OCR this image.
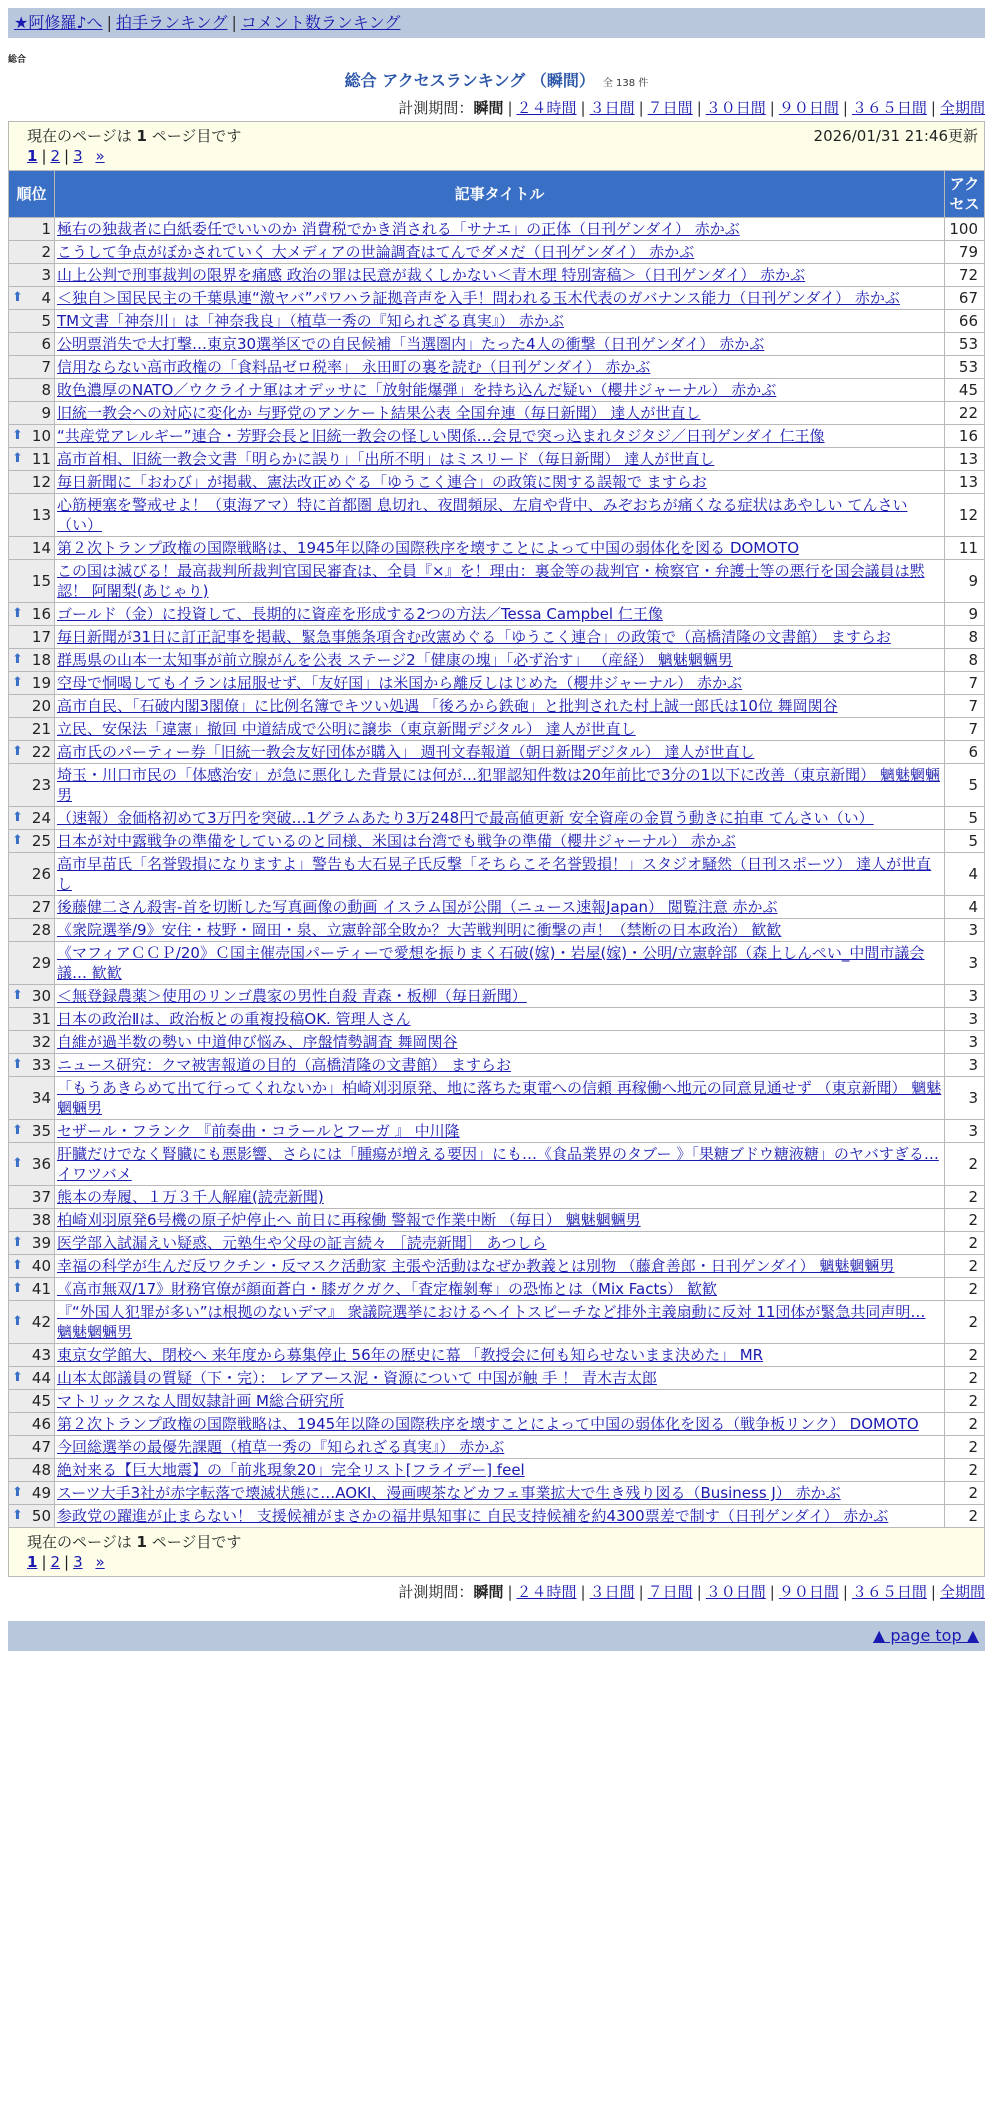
★阿修羅♪へ | 拍手ランキング | コメント数ランキング
総合
総合 アクセスランキング （瞬間） 全 138 件
計測期間：瞬間 | ２４時間 | ３日間 | ７日間 | ３０日間 | ９０日間 | ３６５日間 | 全期間
現在のページは 1 ページ目です 2026/01/31 21:46更新
1 | 2 | 3 »		

順位	記事タイトル	アクセス
1	極右の独裁者に白紙委任でいいのか 消費税でかき消される「サナエ」の正体（日刊ゲンダイ） 赤かぶ	100
2	こうして争点がぼかされていく 大メディアの世論調査はてんでダメだ（日刊ゲンダイ） 赤かぶ	79
3	山上公判で刑事裁判の限界を痛感 政治の罪は民意が裁くしかない＜青木理 特別寄稿＞（日刊ゲンダイ） 赤かぶ	72

⬆ 4	＜独自＞国民民主の千葉県連“激ヤバ”パワハラ証拠音声を入手！問われる玉木代表のガバナンス能力（日刊ゲンダイ） 赤かぶ	67
5	TM文書「神奈川」は「神奈我良」（植草一秀の『知られざる真実』） 赤かぶ	66
6	公明票消失で大打撃…東京30選挙区での自民候補「当選圏内」たった4人の衝撃（日刊ゲンダイ） 赤かぶ	53
7	信用ならない高市政権の「食料品ゼロ税率」 永田町の裏を読む（日刊ゲンダイ） 赤かぶ	53
8	敗色濃厚のNATO／ウクライナ軍はオデッサに「放射能爆弾」を持ち込んだ疑い（櫻井ジャーナル） 赤かぶ	45
9	旧統一教会への対応に変化か 与野党のアンケート結果公表 全国弁連（毎日新聞） 達人が世直し	22

⬆ 10	“共産党アレルギー”連合・芳野会長と旧統一教会の怪しい関係…会見で突っ込まれタジタジ／日刊ゲンダイ 仁王像	16

⬆ 11	高市首相、旧統一教会文書「明らかに誤り」「出所不明」はミスリード（毎日新聞） 達人が世直し	13
12	毎日新聞に「おわび」が掲載、憲法改正めぐる「ゆうこく連合」の政策に関する誤報で ますらお	13
13	心筋梗塞を警戒せよ！（東海アマ）特に首都圏 息切れ、夜間頻尿、左肩や背中、みぞおちが痛くなる症状はあやしい てんさい（い）	12
14	第２次トランプ政権の国際戦略は、1945年以降の国際秩序を壊すことによって中国の弱体化を図る DOMOTO	11
15	この国は滅びる！最高裁判所裁判官国民審査は、全員『×』を！理由：裏金等の裁判官・検察官・弁護士等の悪行を国会議員は黙認！ 阿闍梨(あじゃり)	9

⬆ 16	ゴールド（金）に投資して、長期的に資産を形成する2つの方法／Tessa Campbel 仁王像	9
17	毎日新聞が31日に訂正記事を掲載、緊急事態条項含む改憲めぐる「ゆうこく連合」の政策で（高橋清隆の文書館） ますらお	8

⬆ 18	群馬県の山本一太知事が前立腺がんを公表 ステージ2「健康の塊」「必ず治す」 （産経） 魑魅魍魎男	8

⬆ 19	空母で恫喝してもイランは屈服せず、「友好国」は米国から離反しはじめた（櫻井ジャーナル） 赤かぶ	7
20	高市自民、「石破内閣3閣僚」に比例名簿でキツい処遇 「後ろから鉄砲」と批判された村上誠一郎氏は10位 舞岡関谷	7
21	立民、安保法「違憲」撤回 中道結成で公明に譲歩（東京新聞デジタル） 達人が世直し	7

⬆ 22	高市氏のパーティー券「旧統一教会友好団体が購入」 週刊文春報道（朝日新聞デジタル） 達人が世直し	6
23	埼玉・川口市民の「体感治安」が急に悪化した背景には何が…犯罪認知件数は20年前比で3分の1以下に改善（東京新聞） 魑魅魍魎男	5

⬆ 24	（速報）金価格初めて3万円を突破…1グラムあたり3万248円で最高値更新 安全資産の金買う動きに拍車 てんさい（い）	5

⬆ 25	日本が対中露戦争の準備をしているのと同様、米国は台湾でも戦争の準備（櫻井ジャーナル） 赤かぶ	5
26	高市早苗氏「名誉毀損になりますよ」警告も大石晃子氏反撃「そちらこそ名誉毀損！」スタジオ騒然（日刊スポーツ） 達人が世直し	4
27	後藤健二さん殺害-首を切断した写真画像の動画 イスラム国が公開（ニュース速報Japan） 閲覧注意 赤かぶ	4
28	《衆院選挙/9》安住・枝野・岡田・泉、立憲幹部全敗か？大苦戦判明に衝撃の声！（禁断の日本政治） 歓歓	3
29	《マフィアＣＣＰ/20》Ｃ国主催売国パーティーで愛想を振りまく石破(嫁)・岩屋(嫁)・公明/立憲幹部（森上しんぺい_中間市議会議… 歓歓	3

⬆ 30	＜無登録農薬＞使用のリンゴ農家の男性自殺 青森・板柳（毎日新聞）	3
31	日本の政治Ⅱは、政治板との重複投稿OK. 管理人さん	3
32	自維が過半数の勢い 中道伸び悩み、序盤情勢調査 舞岡関谷	3

⬆ 33	ニュース研究：クマ被害報道の目的（高橋清隆の文書館） ますらお	3
34	「もうあきらめて出て行ってくれないか」柏崎刈羽原発、地に落ちた東電への信頼 再稼働へ地元の同意見通せず （東京新聞） 魑魅魍魎男	3

⬆ 35	セザール・フランク 『前奏曲・コラールとフーガ 』 中川隆	3

⬆ 36	肝臓だけでなく腎臓にも悪影響、さらには「腫瘍が増える要因」にも…《食品業界のタブー 》「果糖ブドウ糖液糖」のヤバすぎる… イワツバメ	2
37	熊本の寿履、１万３千人解雇(読売新聞)	2
38	柏崎刈羽原発6号機の原子炉停止へ 前日に再稼働 警報で作業中断 （毎日） 魑魅魍魎男	2

⬆ 39	医学部入試漏えい疑惑、元塾生や父母の証言続々 ［読売新聞］ あつしら	2

⬆ 40	幸福の科学が生んだ反ワクチン・反マスク活動家 主張や活動はなぜか教義とは別物 （藤倉善郎・日刊ゲンダイ） 魑魅魍魎男	2

⬆ 41	《高市無双/17》財務官僚が顔面蒼白・膝ガクガク、「査定権剝奪」の恐怖とは（Mix Facts） 歓歓	2

⬆ 42	『“外国人犯罪が多い”は根拠のないデマ』 衆議院選挙におけるヘイトスピーチなど排外主義扇動に反対 11団体が緊急共同声明… 魑魅魍魎男	2
43	東京女学館大、閉校へ 来年度から募集停止 56年の歴史に幕 「教授会に何も知らせないまま決めた」 MR	2

⬆ 44	山本太郎議員の質疑（下・完）： レアアース泥・資源について 中国が触 手 ！ 青木吉太郎	2
45	マトリックスな人間奴隷計画 M総合研究所	2
46	第２次トランプ政権の国際戦略は、1945年以降の国際秩序を壊すことによって中国の弱体化を図る（戦争板リンク） DOMOTO	2
47	今回総選挙の最優先課題（植草一秀の『知られざる真実』） 赤かぶ	2
48	絶対来る【巨大地震】の「前兆現象20」完全リスト[フライデー] feel	2

⬆ 49	スーツ大手3社が赤字転落で壊滅状態に…AOKI、漫画喫茶などカフェ事業拡大で生き残り図る（Business J） 赤かぶ	2

⬆ 50	参政党の躍進が止まらない！ 支援候補がまさかの福井県知事に 自民支持候補を約4300票差で制す（日刊ゲンダイ） 赤かぶ	2

現在のページは 1 ページ目です
1 | 2 | 3 »		
計測期間：瞬間 | ２４時間 | ３日間 | ７日間 | ３０日間 | ９０日間 | ３６５日間 | 全期間
▲ page top ▲
